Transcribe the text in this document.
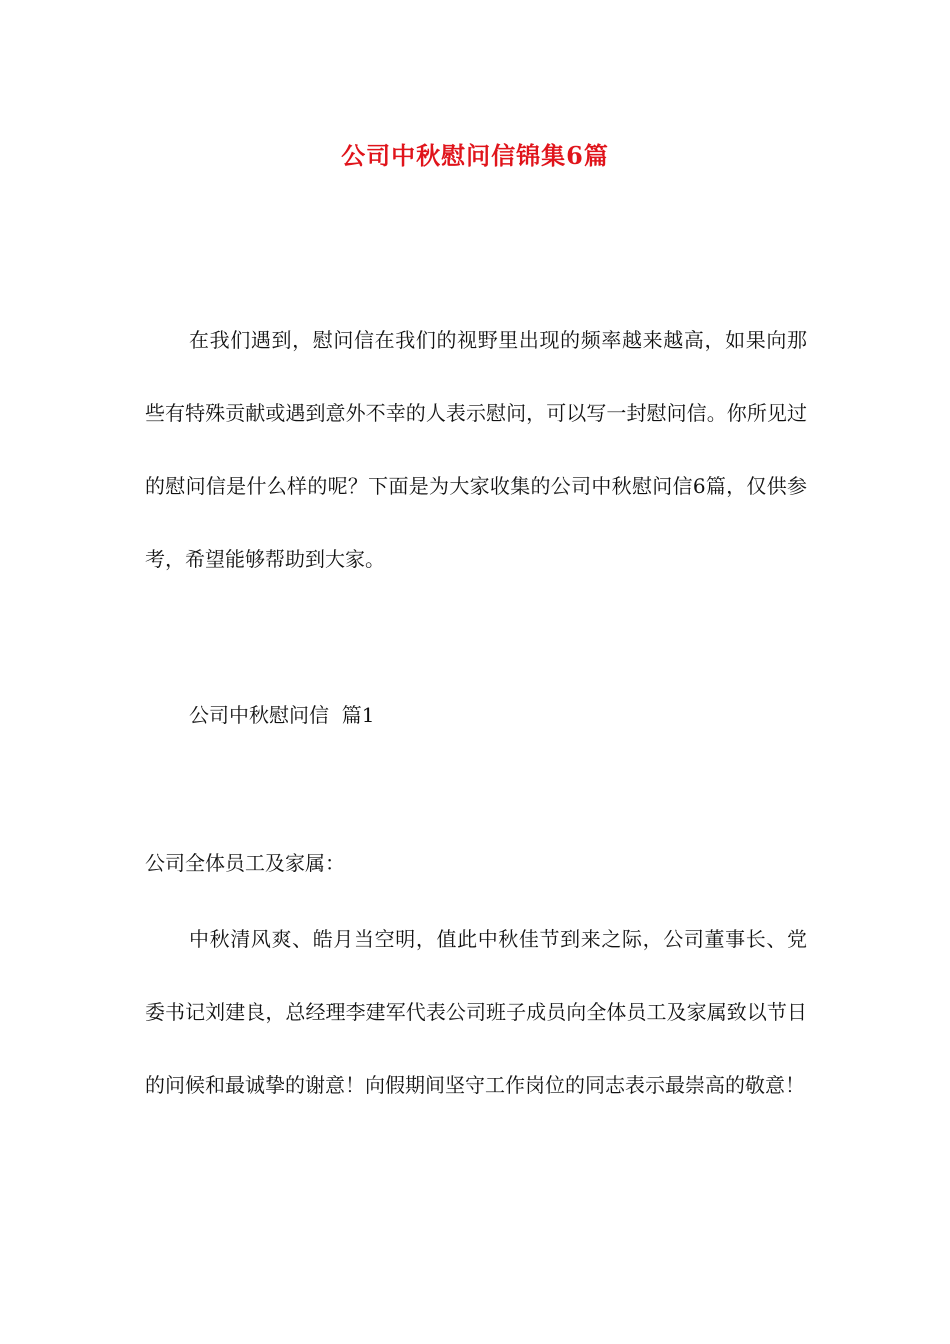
公司中秋慰问信锦集6篇

在我们遇到，慰问信在我们的视野里出现的频率越来越高，如果向那些有特殊贡献或遇到意外不幸的人表示慰问，可以写一封慰问信。你所见过的慰问信是什么样的呢？下面是为大家收集的公司中秋慰问信6篇，仅供参考，希望能够帮助到大家。

公司中秋慰问信  篇1
公司全体员工及家属：

中秋清风爽、皓月当空明，值此中秋佳节到来之际，公司董事长、党委书记刘建良，总经理李建军代表公司班子成员向全体员工及家属致以节日的问候和最诚挚的谢意！向假期间坚守工作岗位的同志表示最崇高的敬意！
